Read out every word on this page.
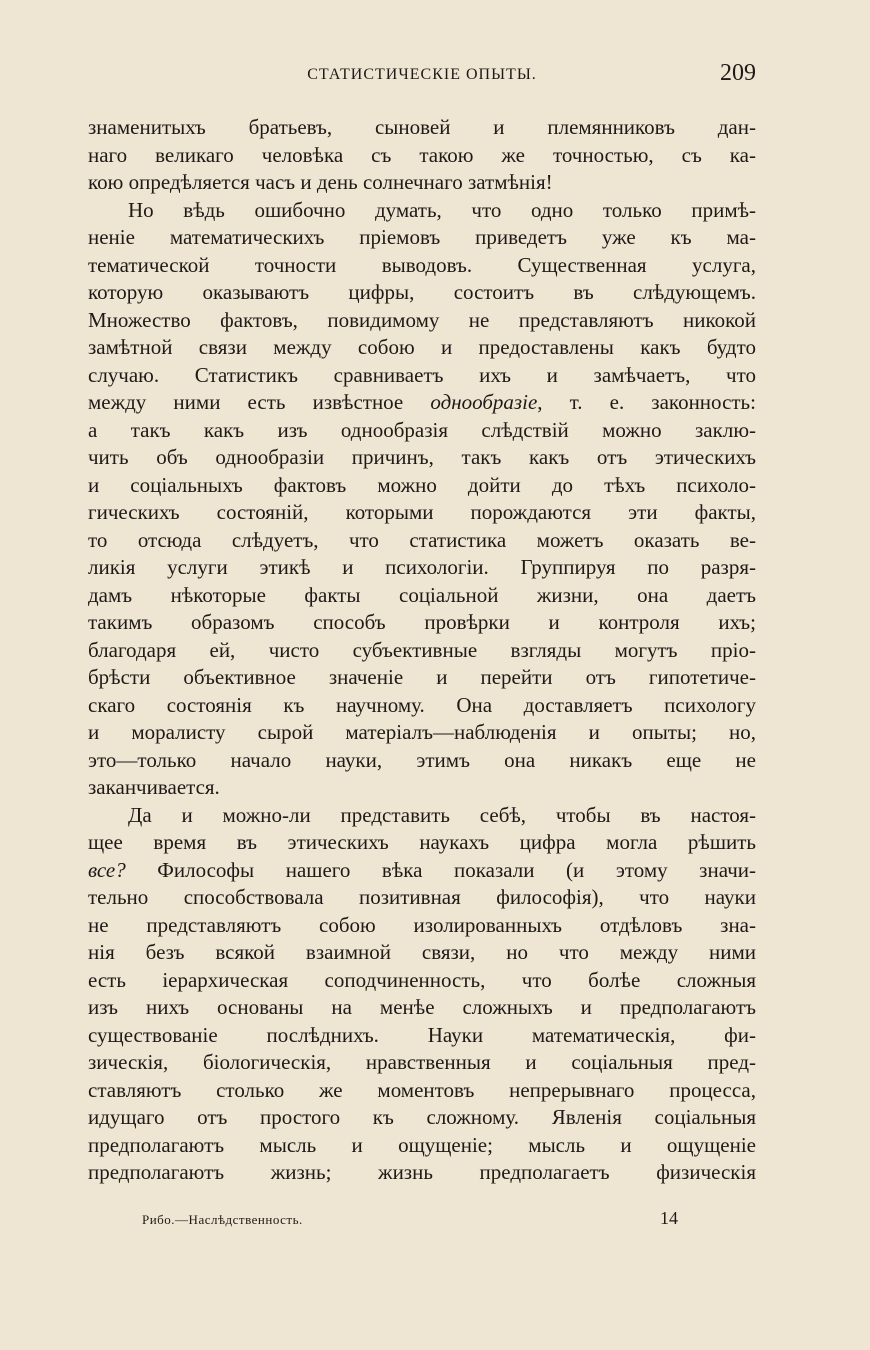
СТАТИСТИЧЕСКІЕ ОПЫТЫ.	209
знаменитыхъ братьевъ, сыновей и племянниковъ дан-
наго великаго человѣка съ такою же точностью, съ ка-
кою опредѣляется часъ и день солнечнаго затмѣнія!
Но вѣдь ошибочно думать, что одно только примѣ-
неніе математическихъ пріемовъ приведетъ уже къ ма-
тематической точности выводовъ. Существенная услуга,
которую оказываютъ цифры, состоитъ въ слѣдующемъ.
Множество фактовъ, повидимому не представляютъ никокой
замѣтной связи между собою и предоставлены какъ будто
случаю. Статистикъ сравниваетъ ихъ и замѣчаетъ, что
между ними есть извѣстное однообразіе, т. е. законность:
а такъ какъ изъ однообразія слѣдствій можно заклю-
чить объ однообразіи причинъ, такъ какъ отъ этическихъ
и соціальныхъ фактовъ можно дойти до тѣхъ психоло-
гическихъ состояній, которыми порождаются эти факты,
то отсюда слѣдуетъ, что статистика можетъ оказать ве-
ликія услуги этикѣ и психологіи. Группируя по разря-
дамъ нѣкоторые факты соціальной жизни, она даетъ
такимъ образомъ способъ провѣрки и контроля ихъ;
благодаря ей, чисто субъективные взгляды могутъ пріо-
брѣсти объективное значеніе и перейти отъ гипотетиче-
скаго состоянія къ научному. Она доставляетъ психологу
и моралисту сырой матеріалъ—наблюденія и опыты; но,
это—только начало науки, этимъ она никакъ еще не
заканчивается.
Да и можно-ли представить себѣ, чтобы въ настоя-
щее время въ этическихъ наукахъ цифра могла рѣшить
все? Философы нашего вѣка показали (и этому значи-
тельно способствовала позитивная философія), что науки
не представляютъ собою изолированныхъ отдѣловъ зна-
нія безъ всякой взаимной связи, но что между ними
есть іерархическая соподчиненность, что болѣе сложныя
изъ нихъ основаны на менѣе сложныхъ и предполагаютъ
существованіе послѣднихъ. Науки математическія, фи-
зическія, біологическія, нравственныя и соціальныя пред-
ставляютъ столько же моментовъ непрерывнаго процесса,
идущаго отъ простого къ сложному. Явленія соціальныя
предполагаютъ мысль и ощущеніе; мысль и ощущеніе
предполагаютъ жизнь; жизнь предполагаетъ физическія
Рибо.—Наслѣдственность.	14
